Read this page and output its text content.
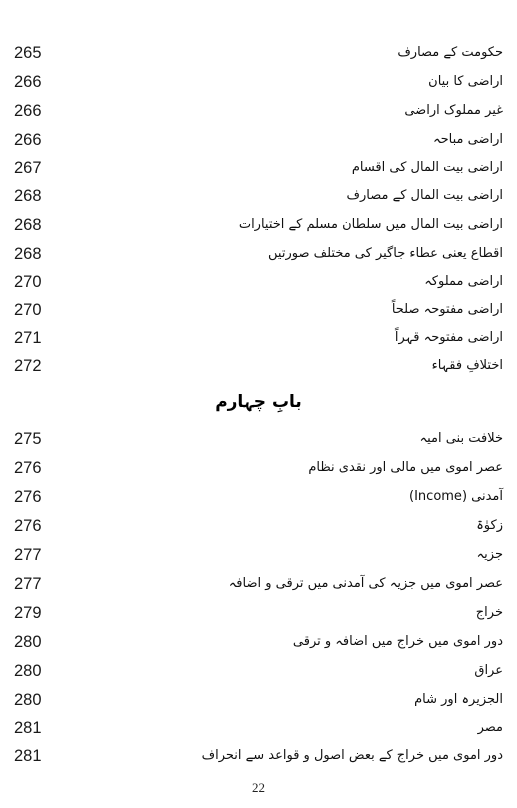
265	حکومت کے مصارف
266	اراضی کا بیان
266	غیر مملوک اراضی
266	اراضی مباحہ
267	اراضی بیت المال کی اقسام
268	اراضی بیت المال کے مصارف
268	اراضی بیت المال میں سلطان مسلم کے اختیارات
268	اقطاع یعنی عطاء جاگیر کی مختلف صورتیں
270	اراضی مملوکہ
270	اراضی مفتوحہ صلحاً
271	اراضی مفتوحہ قہراً
272	اختلافِ فقہاء
بابِ چہارم
275	خلافت بنی امیہ
276	عصر اموی میں مالی اور نقدی نظام
276	آمدنی (Income)
276	زکوٰۃ
277	جزیہ
277	عصر اموی میں جزیہ کی آمدنی میں ترقی و اضافہ
279	خراج
280	دور اموی میں خراج میں اضافہ و ترقی
280	عراق
280	الجزیرہ اور شام
281	مصر
281	دور اموی میں خراج کے بعض اصول و قواعد سے انحراف
22
